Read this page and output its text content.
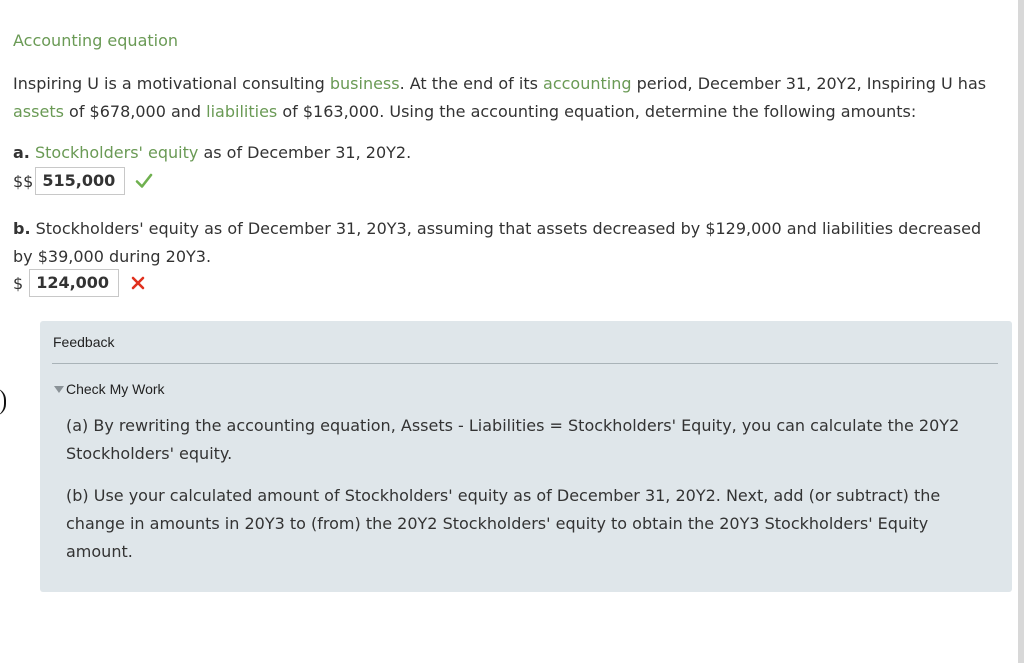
Accounting equation
Inspiring U is a motivational consulting business. At the end of its accounting period, December 31, 20Y2, Inspiring U has assets of $678,000 and liabilities of $163,000. Using the accounting equation, determine the following amounts:
a. Stockholders' equity as of December 31, 20Y2.
$$ 515,000
b. Stockholders' equity as of December 31, 20Y3, assuming that assets decreased by $129,000 and liabilities decreased by $39,000 during 20Y3.
$ 124,000
Feedback
Check My Work
(a) By rewriting the accounting equation, Assets - Liabilities = Stockholders' Equity, you can calculate the 20Y2 Stockholders' equity.
(b) Use your calculated amount of Stockholders' equity as of December 31, 20Y2. Next, add (or subtract) the change in amounts in 20Y3 to (from) the 20Y2 Stockholders' equity to obtain the 20Y3 Stockholders' Equity amount.
